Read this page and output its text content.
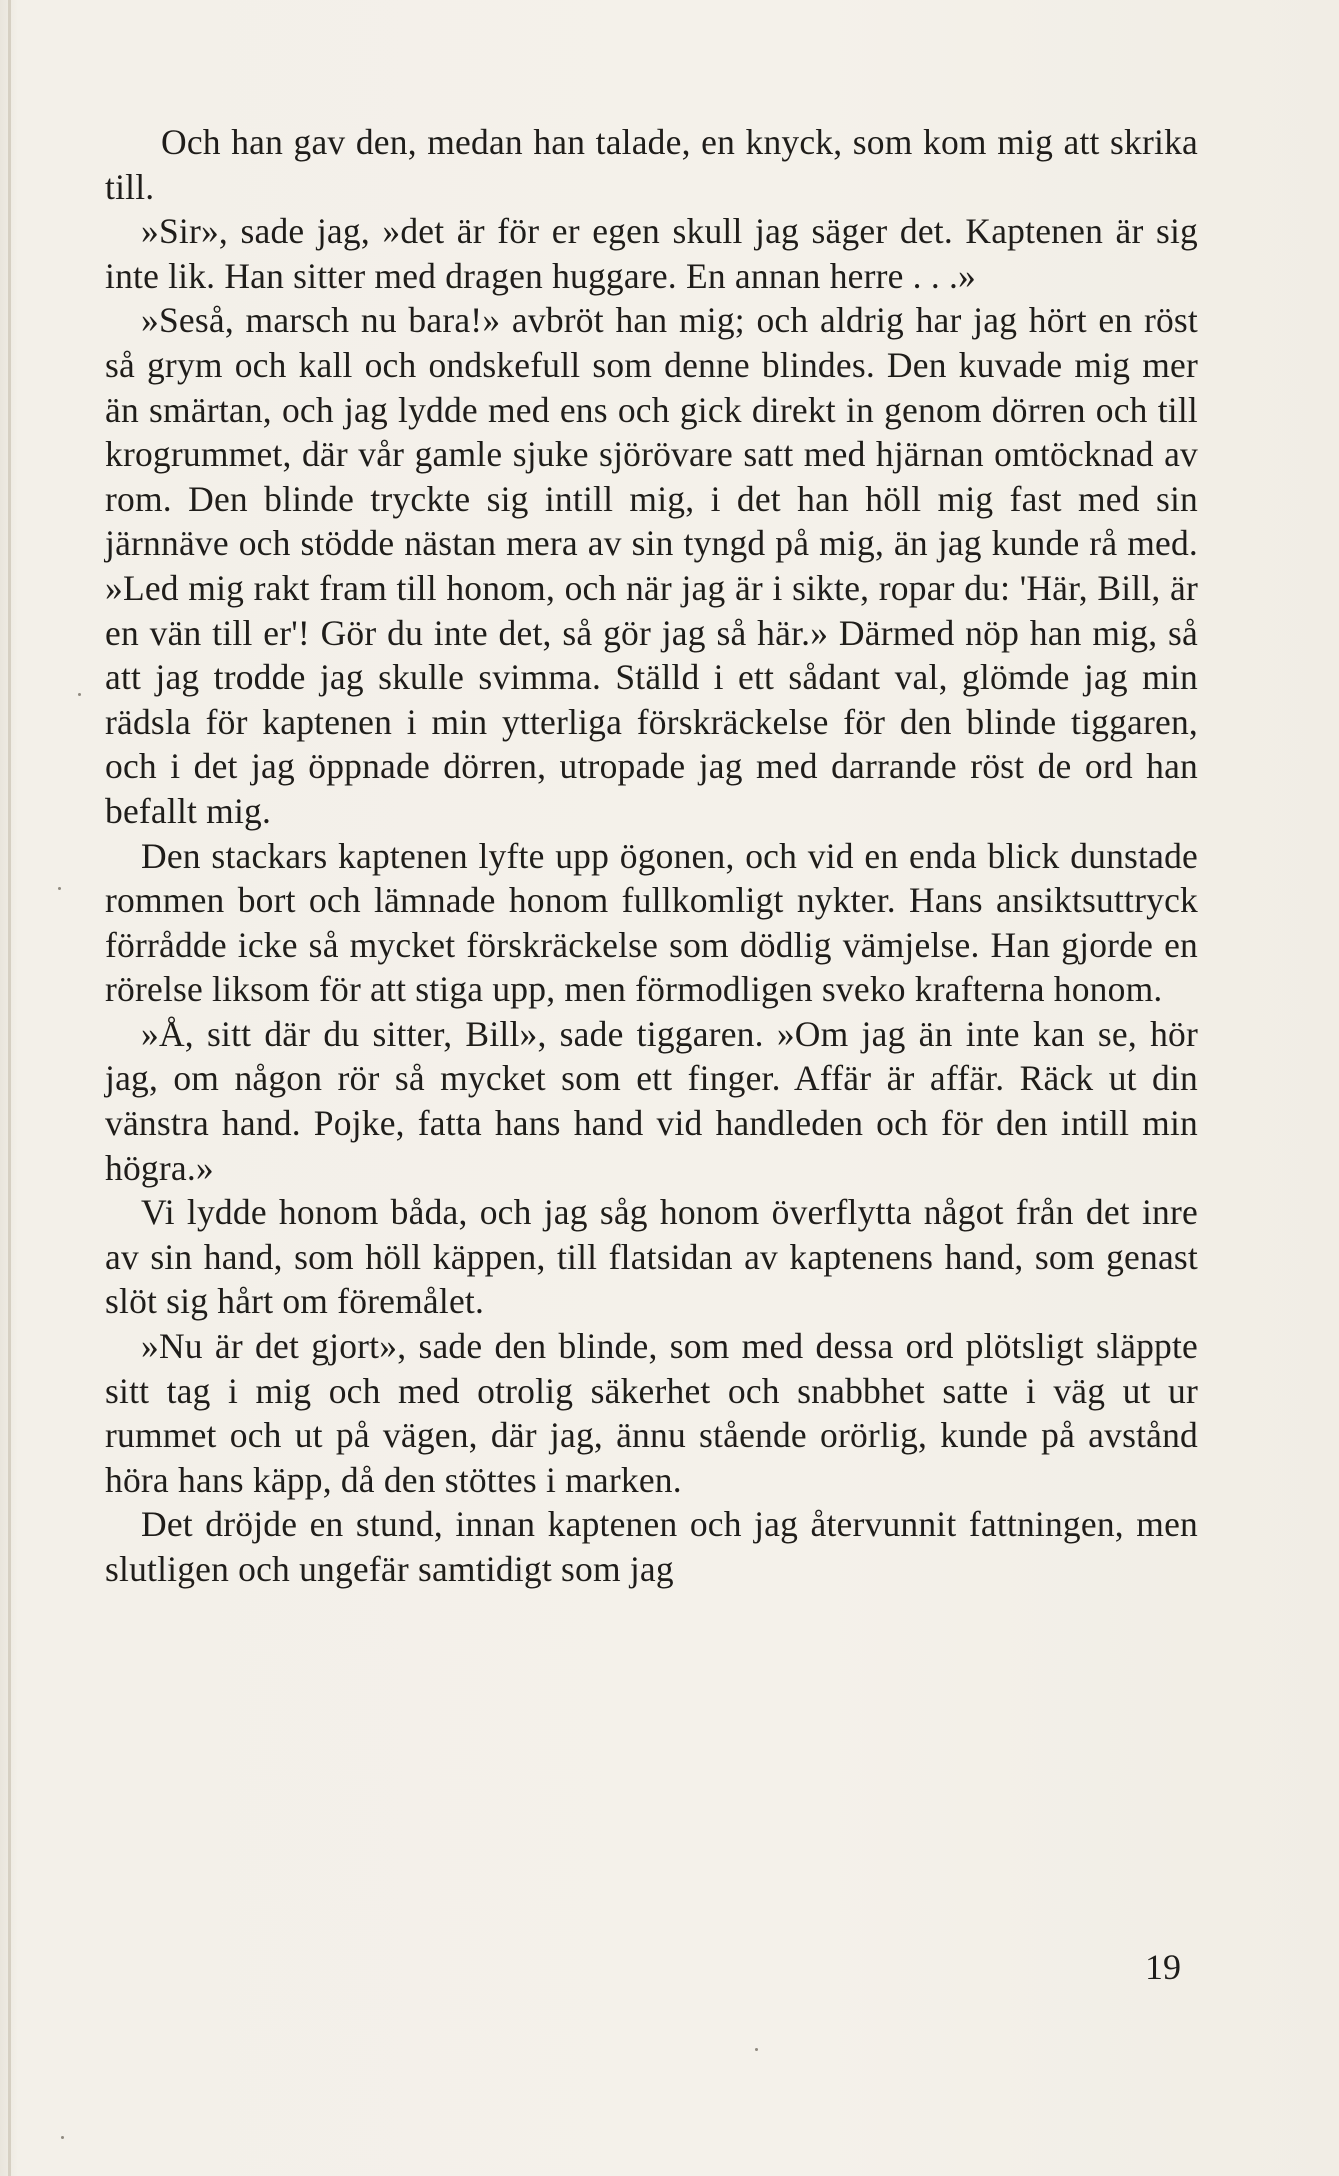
Och han gav den, medan han talade, en knyck, som kom mig att skrika till.

»Sir», sade jag, »det är för er egen skull jag säger det. Kaptenen är sig inte lik. Han sitter med dragen huggare. En annan herre . . .»

»Seså, marsch nu bara!» avbröt han mig; och aldrig har jag hört en röst så grym och kall och ondskefull som denne blindes. Den kuvade mig mer än smärtan, och jag lydde med ens och gick direkt in genom dörren och till krogrummet, där vår gamle sjuke sjörövare satt med hjärnan omtöcknad av rom. Den blinde tryckte sig intill mig, i det han höll mig fast med sin järnnäve och stödde nästan mera av sin tyngd på mig, än jag kunde rå med. »Led mig rakt fram till honom, och när jag är i sikte, ropar du: 'Här, Bill, är en vän till er'! Gör du inte det, så gör jag så här.» Därmed nöp han mig, så att jag trodde jag skulle svimma. Ställd i ett sådant val, glömde jag min rädsla för kaptenen i min ytterliga förskräckelse för den blinde tiggaren, och i det jag öppnade dörren, utropade jag med darrande röst de ord han befallt mig.

Den stackars kaptenen lyfte upp ögonen, och vid en enda blick dunstade rommen bort och lämnade honom fullkomligt nykter. Hans ansiktsuttryck förrådde icke så mycket förskräckelse som dödlig vämjelse. Han gjorde en rörelse liksom för att stiga upp, men förmodligen sveko krafterna honom.

»Å, sitt där du sitter, Bill», sade tiggaren. »Om jag än inte kan se, hör jag, om någon rör så mycket som ett finger. Affär är affär. Räck ut din vänstra hand. Pojke, fatta hans hand vid handleden och för den intill min högra.»

Vi lydde honom båda, och jag såg honom överflytta något från det inre av sin hand, som höll käppen, till flatsidan av kaptenens hand, som genast slöt sig hårt om föremålet.

»Nu är det gjort», sade den blinde, som med dessa ord plötsligt släppte sitt tag i mig och med otrolig säkerhet och snabbhet satte i väg ut ur rummet och ut på vägen, där jag, ännu stående orörlig, kunde på avstånd höra hans käpp, då den stöttes i marken.

Det dröjde en stund, innan kaptenen och jag återvunnit fattningen, men slutligen och ungefär samtidigt som jag

19
